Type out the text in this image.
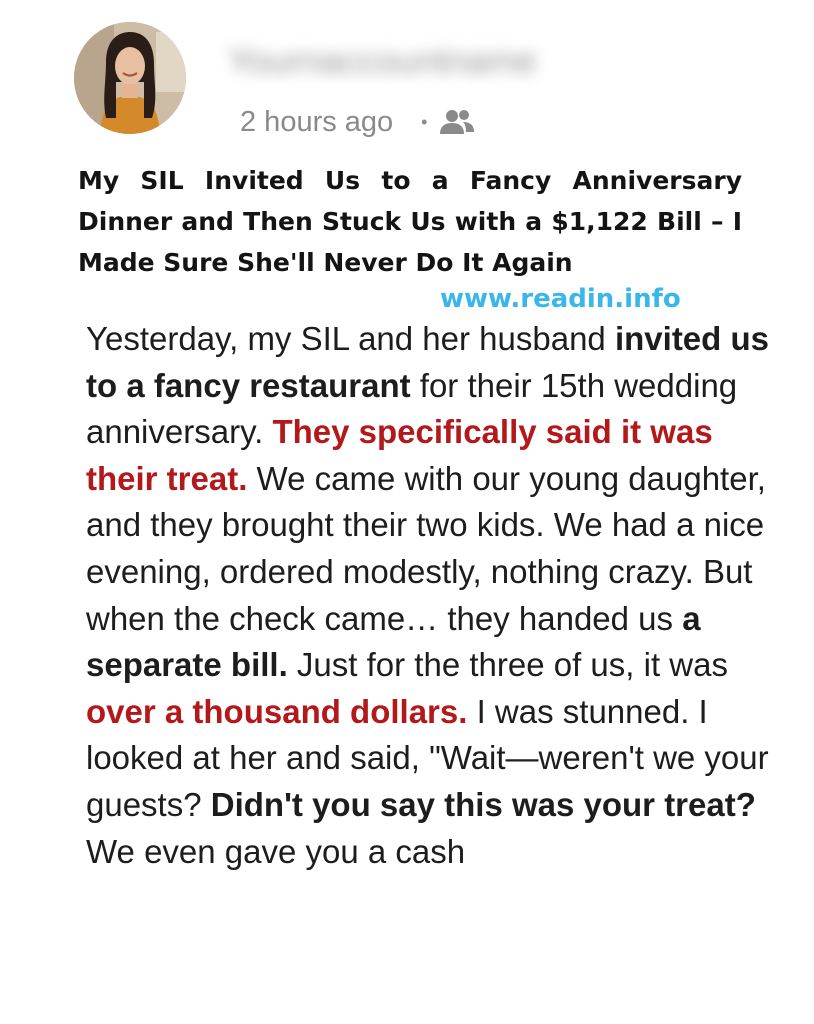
Yournaccountname
2 hours ago •
My SIL Invited Us to a Fancy Anniversary Dinner and Then Stuck Us with a $1,122 Bill – I Made Sure She'll Never Do It Again
www.readin.info

Yesterday, my SIL and her husband invited us to a fancy restaurant for their 15th wedding anniversary. They specifically said it was their treat. We came with our young daughter, and they brought their two kids. We had a nice evening, ordered modestly, nothing crazy. But when the check came… they handed us a separate bill. Just for the three of us, it was over a thousand dollars. I was stunned. I looked at her and said, "Wait—weren't we your guests? Didn't you say this was your treat? We even gave you a cash
